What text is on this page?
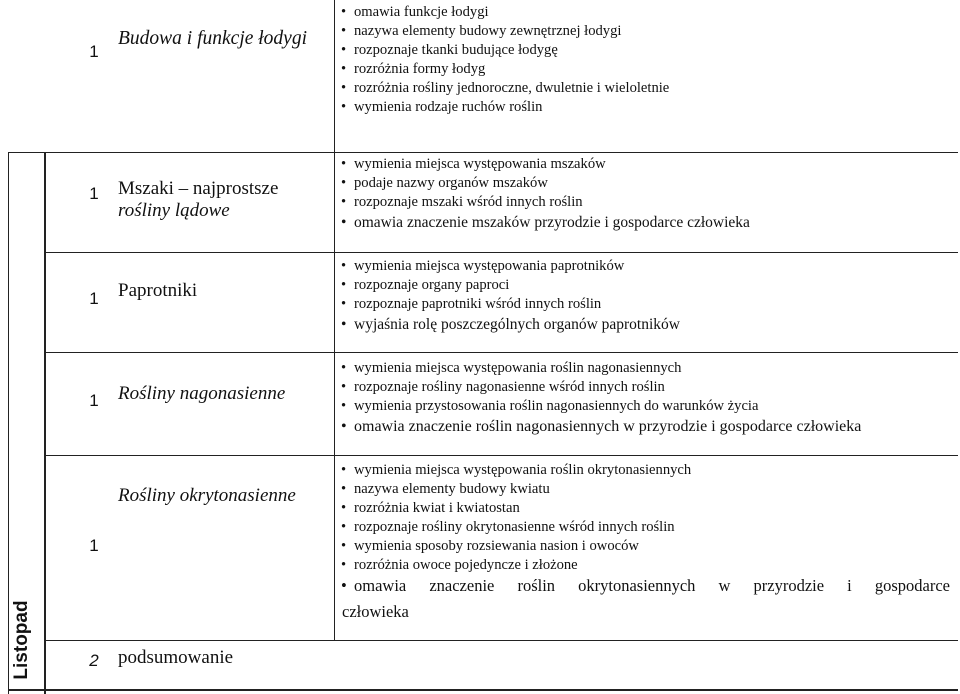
Listopad
1
Budowa i funkcje łodygi
• omawia funkcje łodygi
• nazywa elementy budowy zewnętrznej łodygi
• rozpoznaje tkanki budujące łodygę
• rozróżnia formy łodyg
• rozróżnia rośliny jednoroczne, dwuletnie i wieloletnie
• wymienia rodzaje ruchów roślin
1	Mszaki – najprostsze
rośliny lądowe
• wymienia miejsca występowania mszaków
• podaje nazwy organów mszaków
• rozpoznaje mszaki wśród innych roślin
• omawia znaczenie mszaków przyrodzie i gospodarce człowieka
1	Paprotniki
• wymienia miejsca występowania paprotników
• rozpoznaje organy paproci
• rozpoznaje paprotniki wśród innych roślin
• wyjaśnia rolę poszczególnych organów paprotników
1	Rośliny nagonasienne
• wymienia miejsca występowania roślin nagonasiennych
• rozpoznaje rośliny nagonasienne wśród innych roślin
• wymienia przystosowania roślin nagonasiennych do warunków życia
• omawia znaczenie roślin nagonasiennych w przyrodzie i gospodarce człowieka
1
Rośliny okrytonasienne
• wymienia miejsca występowania roślin okrytonasiennych
• nazywa elementy budowy kwiatu
• rozróżnia kwiat i kwiatostan
• rozpoznaje rośliny okrytonasienne wśród innych roślin
• wymienia sposoby rozsiewania nasion i owoców
• rozróżnia owoce pojedyncze i złożone
• omawia znaczenie roślin okrytonasiennych w przyrodzie i gospodarce
człowieka
2	podsumowanie
